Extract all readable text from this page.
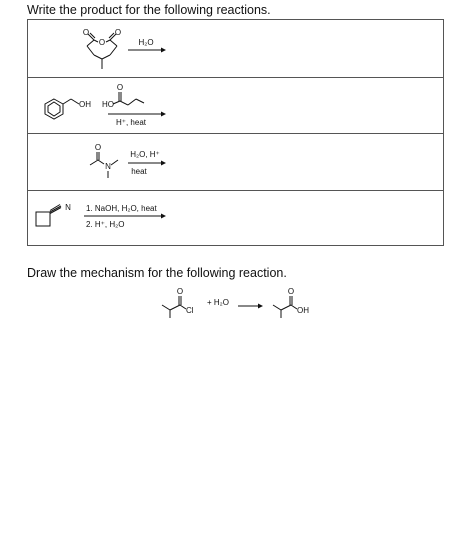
Write the product for the following reactions.
O
O	O
H₂O
OH HO
O
H⁺, heat
O
N
H₂O, H⁺
heat
N 1. NaOH, H₂O, heat
2. H⁺, H₂O
Draw the mechanism for the following reaction.
O
Cl
+ H₂O
O
OH
